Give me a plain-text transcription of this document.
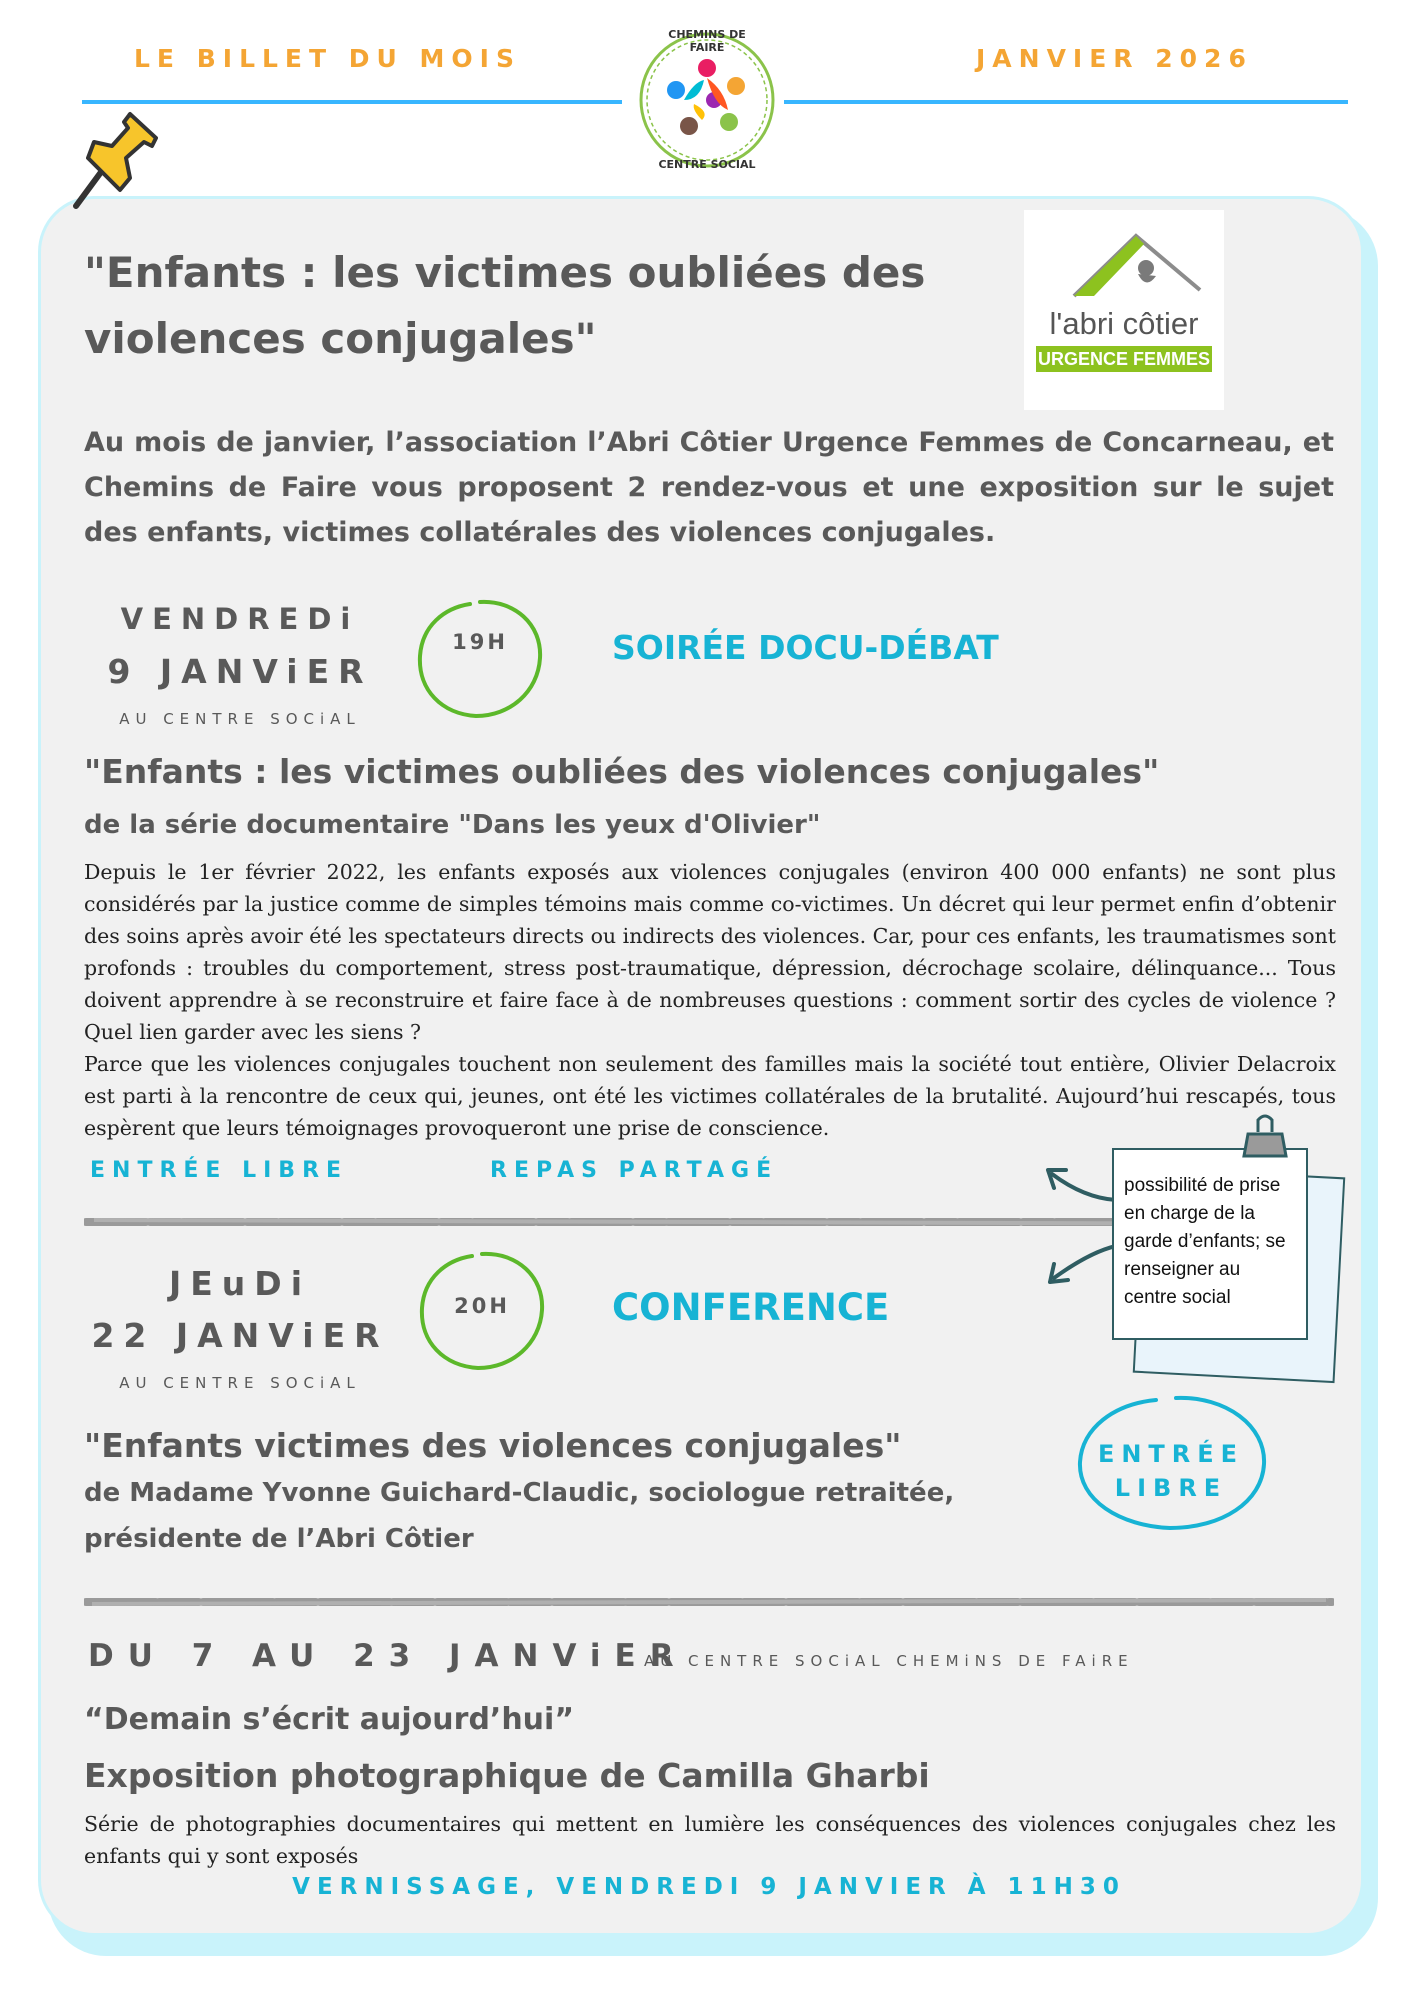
LE BILLET DU MOIS	JANVIER 2026
CHEMINS DE FAIRE
CENTRE SOCIAL
"Enfants : les victimes oubliées des
violences conjugales"	l'abri côtier
URGENCE FEMMES
Au mois de janvier, l’association l’Abri Côtier Urgence Femmes de Concarneau, et Chemins de Faire vous proposent 2 rendez-vous et une exposition sur le sujet des enfants, victimes collatérales des violences conjugales.
VENDREDi
9 JANViER
AU CENTRE SOCiAL
19H	SOIRÉE DOCU-DÉBAT
"Enfants : les victimes oubliées des violences conjugales"
de la série documentaire "Dans les yeux d'Olivier"
Depuis le 1er février 2022, les enfants exposés aux violences conjugales (environ 400 000 enfants) ne sont plus considérés par la justice comme de simples témoins mais comme co-victimes. Un décret qui leur permet enfin d’obtenir des soins après avoir été les spectateurs directs ou indirects des violences. Car, pour ces enfants, les traumatismes sont profonds : troubles du comportement, stress post-traumatique, dépression, décrochage scolaire, délinquance... Tous doivent apprendre à se reconstruire et faire face à de nombreuses questions : comment sortir des cycles de violence ? Quel lien garder avec les siens ?
Parce que les violences conjugales touchent non seulement des familles mais la société tout entière, Olivier Delacroix est parti à la rencontre de ceux qui, jeunes, ont été les victimes collatérales de la brutalité. Aujourd’hui rescapés, tous espèrent que leurs témoignages provoqueront une prise de conscience.
ENTRÉE LIBRE	REPAS PARTAGÉ
possibilité de prise en charge de la garde d’enfants; se renseigner au centre social
JEuDi
22 JANViER
AU CENTRE SOCiAL
20H	CONFERENCE
"Enfants victimes des violences conjugales"
de Madame Yvonne Guichard-Claudic, sociologue retraitée,
présidente de l’Abri Côtier
ENTRÉE
LIBRE
DU 7 AU 23 JANViER
AU CENTRE SOCiAL CHEMiNS DE FAiRE
“Demain s’écrit aujourd’hui”
Exposition photographique de Camilla Gharbi
Série de photographies documentaires qui mettent en lumière les conséquences des violences conjugales chez les enfants qui y sont exposés
VERNISSAGE, VENDREDI 9 JANVIER À 11H30
